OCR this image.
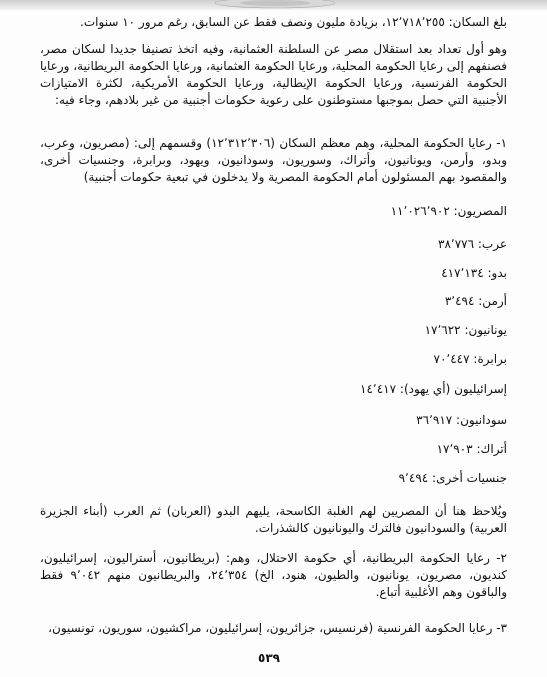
بلغ السكان: ١٢٬٧١٨٬٢٥٥، بزيادة مليون ونصف فقط عن السابق، رغم مرور ١٠ سنوات.
وهو أول تعداد بعد استقلال مصر عن السلطنة العثمانية، وفيه اتخذ تصنيفا جديدا لسكان مصر، فصنفهم إلى رعايا الحكومة المحلية، ورعايا الحكومة العثمانية، ورعايا الحكومة البريطانية، ورعايا الحكومة الفرنسية، ورعايا الحكومة الإيطالية، ورعايا الحكومة الأمريكية، لكثرة الامتيازات الأجنبية التي حصل بموجبها مستوطنون على رعوية حكومات أجنبية من غير بلادهم، وجاء فيه:
١- رعايا الحكومة المحلية، وهم معظم السكان (١٢٬٣١٢٬٣٠٦) وقسمهم إلى: (مصريون، وعرب، وبدو، وأرمن، ويونانيون، وأتراك، وسوريون، وسودانيون، ويهود، وبرابرة، وجنسيات أخرى، والمقصود بهم المسئولون أمام الحكومة المصرية ولا يدخلون في تبعية حكومات أجنبية)
المصريون: ١١٬٠٢٦٬٩٠٢
عرب: ٣٨٬٧٧٦
بدو: ٤١٧٬١٣٤
أرمن: ٣٬٤٩٤
يونانيون: ١٧٬٦٢٢
برابرة: ٧٠٬٤٤٧
إسرائيليون (أي يهود): ١٤٬٤١٧
سودانيون: ٣٦٬٩١٧
أتراك: ١٧٬٩٠٣
جنسيات أخرى: ٩٬٤٩٤
ويُلاحظ هنا أن المصريين لهم الغلبة الكاسحة، يليهم البدو (العربان) ثم العرب (أبناء الجزيرة العربية) والسودانيون فالترك واليونانيون كالشذرات.
٢- رعايا الحكومة البريطانية، أي حكومة الاحتلال، وهم: (بريطانيون، أستراليون، إسرائيليون، كنديون، مصريون، يونانيون، والطيون، هنود، الخ) ٢٤٬٣٥٤، والبريطانيون منهم ٩٬٠٤٢ فقط والباقون وهم الأغلبية أتباع.
٣- رعايا الحكومة الفرنسية (فرنسيس، جزائريون، إسرائيليون، مراكشيون، سوريون، تونسيون،
٥٣٩
